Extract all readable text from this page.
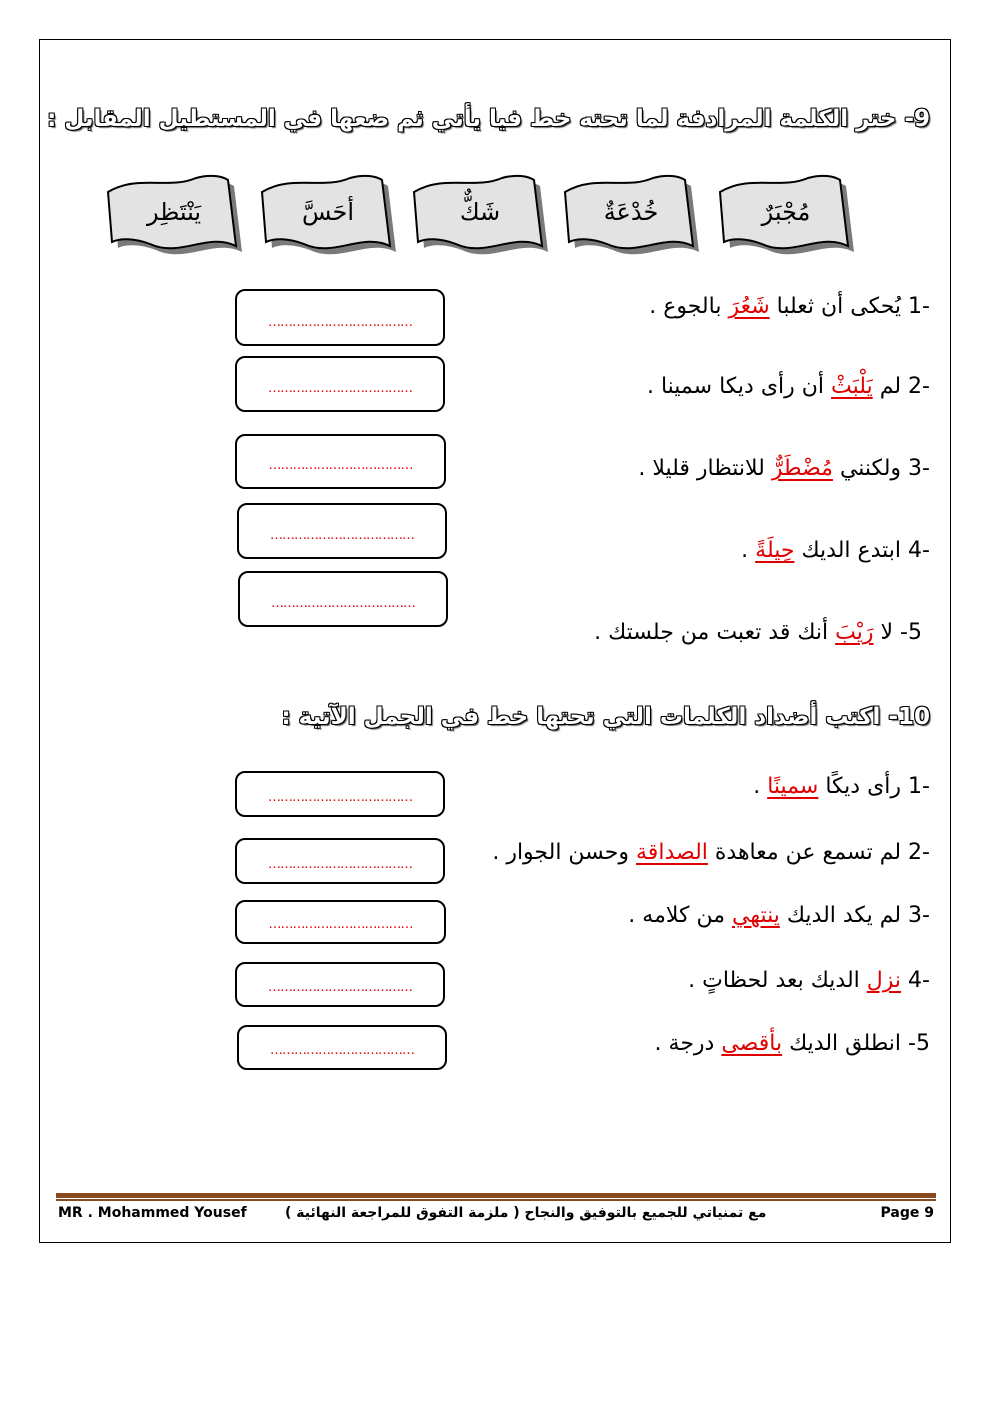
9- ختر الكلمة المرادفة لما تحته خط فيا يأتي ثم ضعها في المستطيل المقابل :
مُجْبَرٌ
خُدْعَةٌ
شَكٌّ
أحَسَّ
يَنْتَظِر
-1 يُحكى أن ثعلبا شَعُرَ بالجوع .
-2 لم يَلْبَثْ أن رأى ديكا سمينا .
-3 ولكنني مُضْطَرٌّ للانتظار قليلا .
-4 ابتدع الديك حِيلَةً .
5- لا رَيْبَ أنك قد تعبت من جلستك .
………………………………
………………………………
………………………………
………………………………
………………………………
10- اكتب أضداد الكلمات التي تحتها خط في الجمل الآتية :
-1 رأى ديكًا سمينًا .
-2 لم تسمع عن معاهدة الصداقة وحسن الجوار .
-3 لم يكد الديك ينتهي من كلامه .
-4 نزل الديك بعد لحظاتٍ .
5- انطلق الديك بأقصى درجة .
………………………………
………………………………
………………………………
………………………………
………………………………
MR . Mohammed Yousef	مع تمنياتي للجميع بالتوفيق والنجاح ( ملزمة التفوق للمراجعة النهائية )	Page 9
